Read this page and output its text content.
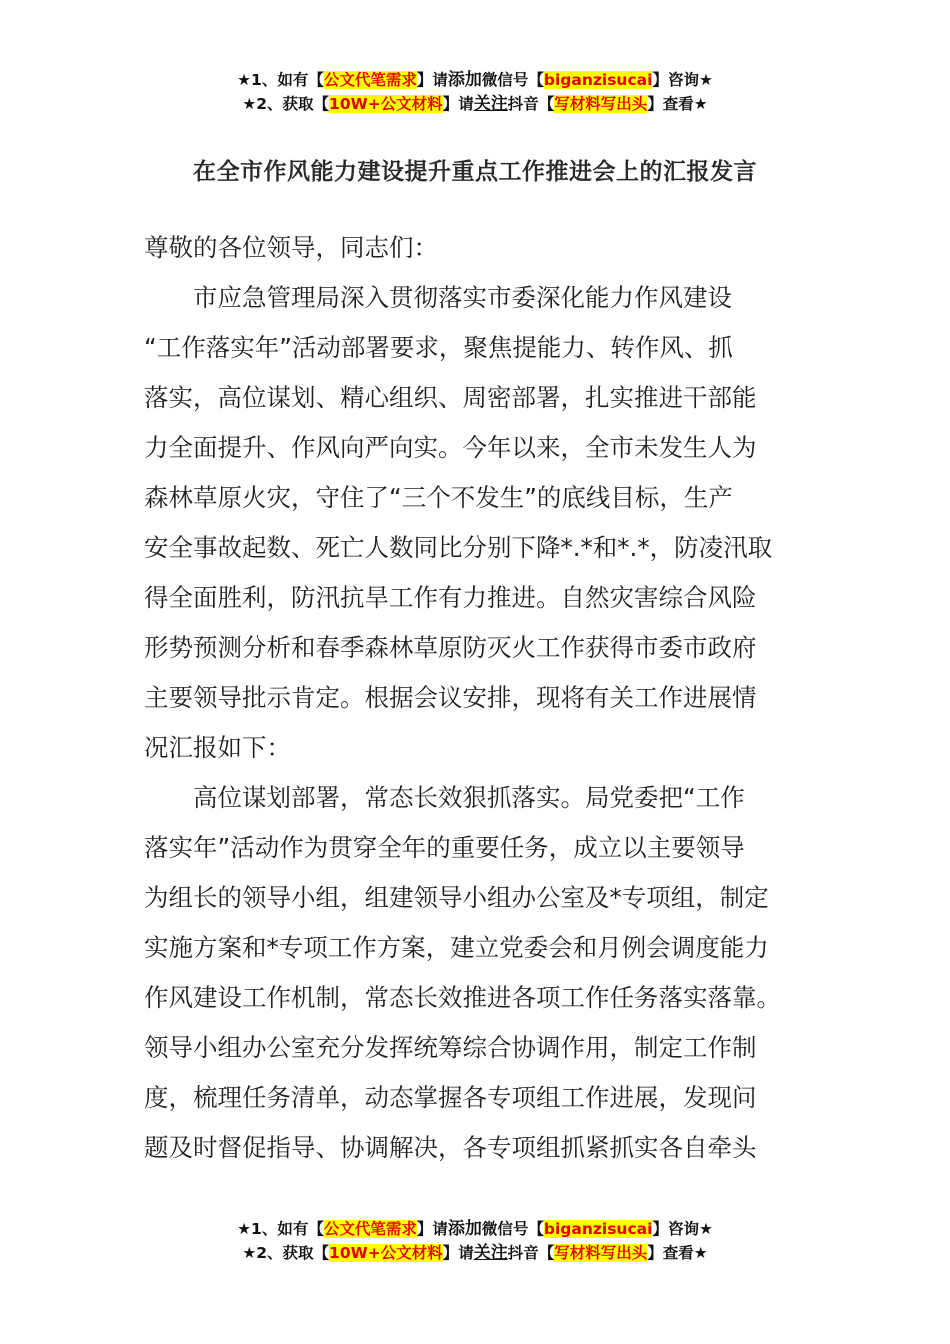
★1、如有【公文代笔需求】请添加微信号【biganzisucai】咨询★
★2、获取【10W+公文材料】请关注抖音【写材料写出头】查看★
在全市作风能力建设提升重点工作推进会上的汇报发言
尊敬的各位领导，同志们：
　　市应急管理局深入贯彻落实市委深化能力作风建设
“工作落实年”活动部署要求，聚焦提能力、转作风、抓
落实，高位谋划、精心组织、周密部署，扎实推进干部能
力全面提升、作风向严向实。今年以来，全市未发生人为
森林草原火灾，守住了“三个不发生”的底线目标，生产
安全事故起数、死亡人数同比分别下降*.*和*.*，防凌汛取
得全面胜利，防汛抗旱工作有力推进。自然灾害综合风险
形势预测分析和春季森林草原防灭火工作获得市委市政府
主要领导批示肯定。根据会议安排，现将有关工作进展情
况汇报如下：
　　高位谋划部署，常态长效狠抓落实。局党委把“工作
落实年”活动作为贯穿全年的重要任务，成立以主要领导
为组长的领导小组，组建领导小组办公室及*专项组，制定
实施方案和*专项工作方案，建立党委会和月例会调度能力
作风建设工作机制，常态长效推进各项工作任务落实落靠。
领导小组办公室充分发挥统筹综合协调作用，制定工作制
度，梳理任务清单，动态掌握各专项组工作进展，发现问
题及时督促指导、协调解决，各专项组抓紧抓实各自牵头
★1、如有【公文代笔需求】请添加微信号【biganzisucai】咨询★
★2、获取【10W+公文材料】请关注抖音【写材料写出头】查看★
